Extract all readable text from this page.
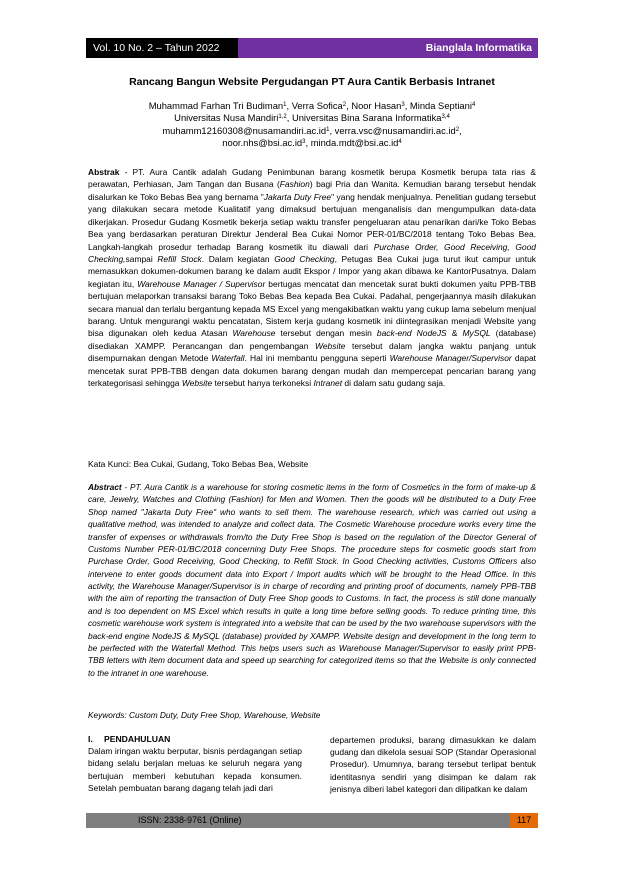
Vol. 10 No. 2 – Tahun 2022	Bianglala Informatika
Rancang Bangun Website Pergudangan PT Aura Cantik Berbasis Intranet
Muhammad Farhan Tri Budiman$^1$, Verra Sofica$^2$, Noor Hasan$^3$, Minda Septiani$^4$
Universitas Nusa Mandiri$^{1,2}$, Universitas Bina Sarana Informatika$^{3,4}$
$muhamm12160308@nusamandiri.ac.id^1$, $verra.vsc@nusamandiri.ac.id^2$,
$noor.nhs@bsi.ac.id^3$, $minda.mdt@bsi.ac.id^4$
Abstrak - PT. Aura Cantik adalah Gudang Penimbunan barang kosmetik berupa Kosmetik berupa tata rias & perawatan, Perhiasan, Jam Tangan dan Busana (Fashion) bagi Pria dan Wanita. Kemudian barang tersebut hendak disalurkan ke Toko Bebas Bea yang bernama "Jakarta Duty Free" yang hendak menjualnya. Penelitian gudang tersebut yang dilakukan secara metode Kualitatif yang dimaksud bertujuan menganalisis dan mengumpulkan data-data dikerjakan. Prosedur Gudang Kosmetik bekerja setiap waktu transfer pengeluaran atau penarikan dari/ke Toko Bebas Bea yang berdasarkan peraturan Direktur Jenderal Bea Cukai Nomor PER-01/BC/2018 tentang Toko Bebas Bea. Langkah-langkah prosedur terhadap Barang kosmetik itu diawali dari Purchase Order, Good Receiving, Good Checking,sampai Refill Stock. Dalam kegiatan Good Checking, Petugas Bea Cukai juga turut ikut campur untuk memasukkan dokumen-dokumen barang ke dalam audit Ekspor / Impor yang akan dibawa ke KantorPusatnya. Dalam kegiatan itu, Warehouse Manager / Supervisor bertugas mencatat dan mencetak surat bukti dokumen yaitu PPB-TBB bertujuan melaporkan transaksi barang Toko Bebas Bea kepada Bea Cukai. Padahal, pengerjaannya masih dilakukan secara manual dan terlalu bergantung kepada MS Excel yang mengakibatkan waktu yang cukup lama sebelum menjual barang. Untuk mengurangi waktu pencatatan, Sistem kerja gudang kosmetik ini diintegrasikan menjadi Website yang bisa digunakan oleh kedua Atasan Warehouse tersebut dengan mesin back-end NodeJS & MySQL (database) disediakan XAMPP. Perancangan dan pengembangan Website tersebut dalam jangka waktu panjang untuk disempurnakan dengan Metode Waterfall. Hal ini membantu pengguna seperti Warehouse Manager/Supervisor dapat mencetak surat PPB-TBB dengan data dokumen barang dengan mudah dan mempercepat pencarian barang yang terkategorisasi sehingga Website tersebut hanya terkoneksi Intranet di dalam satu gudang saja.
Kata Kunci: Bea Cukai, Gudang, Toko Bebas Bea, Website
Abstract - PT. Aura Cantik is a warehouse for storing cosmetic items in the form of Cosmetics in the form of make-up & care, Jewelry, Watches and Clothing (Fashion) for Men and Women. Then the goods will be distributed to a Duty Free Shop named "Jakarta Duty Free" who wants to sell them. The warehouse research, which was carried out using a qualitative method, was intended to analyze and collect data. The Cosmetic Warehouse procedure works every time the transfer of expenses or withdrawals from/to the Duty Free Shop is based on the regulation of the Director General of Customs Number PER-01/BC/2018 concerning Duty Free Shops. The procedure steps for cosmetic goods start from Purchase Order, Good Receiving, Good Checking, to Refill Stock. In Good Checking activities, Customs Officers also intervene to enter goods document data into Export / Import audits which will be brought to the Head Office. In this activity, the Warehouse Manager/Supervisor is in charge of recording and printing proof of documents, namely PPB-TBB with the aim of reporting the transaction of Duty Free Shop goods to Customs. In fact, the process is still done manually and is too dependent on MS Excel which results in quite a long time before selling goods. To reduce printing time, this cosmetic warehouse work system is integrated into a website that can be used by the two warehouse supervisors with the back-end engine NodeJS & MySQL (database) provided by XAMPP. Website design and development in the long term to be perfected with the Waterfall Method. This helps users such as Warehouse Manager/Supervisor to easily print PPB-TBB letters with item document data and speed up searching for categorized items so that the Website is only connected to the intranet in one warehouse.
Keywords: Custom Duty, Duty Free Shop, Warehouse, Website
I. PENDAHULUAN
Dalam iringan waktu berputar, bisnis perdagangan setiap bidang selalu berjalan meluas ke seluruh negara yang bertujuan memberi kebutuhan kepada konsumen. Setelah pembuatan barang dagang telah jadi dari
departemen produksi, barang dimasukkan ke dalam gudang dan dikelola sesuai SOP (Standar Operasional Prosedur). Umumnya, barang tersebut terlipat bentuk identitasnya sendiri yang disimpan ke dalam rak jenisnya diberi label kategori dan dilipatkan ke dalam
ISSN: 2338-9761 (Online)	117
